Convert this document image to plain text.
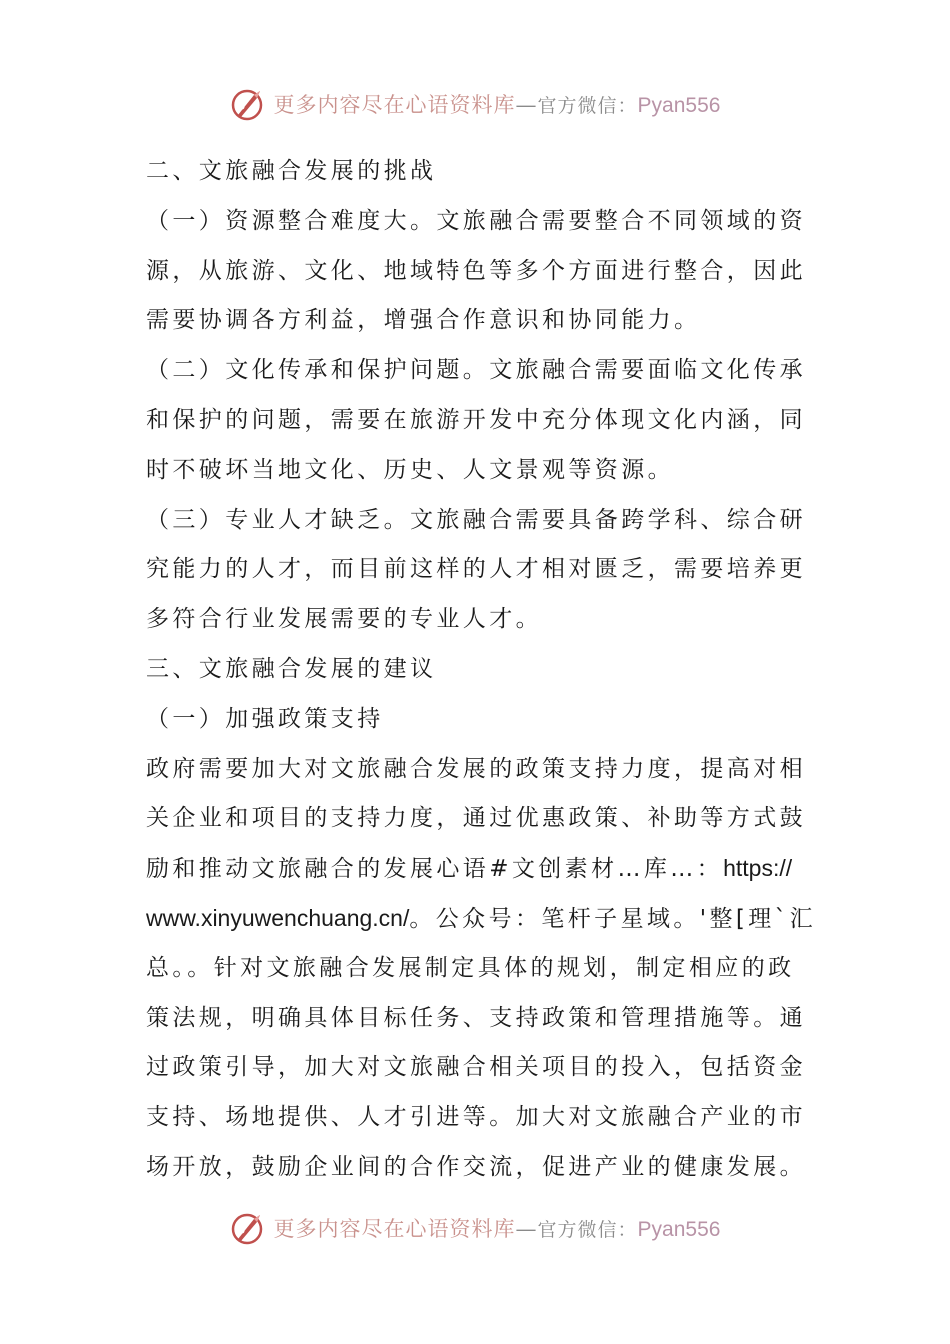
更多内容尽在心语资料库—官方微信：Pyan556
二、文旅融合发展的挑战
（一）资源整合难度大。文旅融合需要整合不同领域的资
源，从旅游、文化、地域特色等多个方面进行整合，因此
需要协调各方利益，增强合作意识和协同能力。
（二）文化传承和保护问题。文旅融合需要面临文化传承
和保护的问题，需要在旅游开发中充分体现文化内涵，同
时不破坏当地文化、历史、人文景观等资源。
（三）专业人才缺乏。文旅融合需要具备跨学科、综合研
究能力的人才，而目前这样的人才相对匮乏，需要培养更
多符合行业发展需要的专业人才。
三、文旅融合发展的建议
（一）加强政策支持
政府需要加大对文旅融合发展的政策支持力度，提高对相
关企业和项目的支持力度，通过优惠政策、补助等方式鼓
励和推动文旅融合的发展心语#文创素材…库…：https://
www.xinyuwenchuang.cn/。公众号：笔杆子星域。'整[理`汇
总。。针对文旅融合发展制定具体的规划，制定相应的政
策法规，明确具体目标任务、支持政策和管理措施等。通
过政策引导，加大对文旅融合相关项目的投入，包括资金
支持、场地提供、人才引进等。加大对文旅融合产业的市
场开放，鼓励企业间的合作交流，促进产业的健康发展。
更多内容尽在心语资料库—官方微信：Pyan556
